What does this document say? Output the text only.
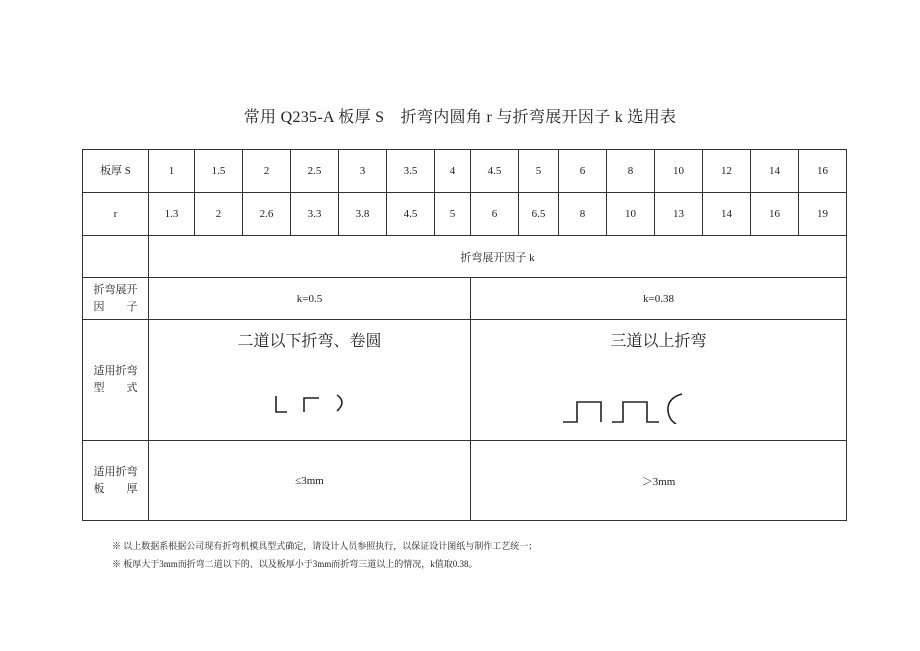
常用 Q235-A 板厚 S　折弯内圆角 r 与折弯展开因子 k 选用表
板厚 S	1	1.5	2	2.5	3	3.5	4	4.5	5	6	8	10	12	14	16
r	1.3	2	2.6	3.3	3.8	4.5	5	6	6.5	8	10	13	14	16	19
	折弯展开因子 k														
折弯展开
因　　子	k=0.5							k=0.38							
适用折弯
型　　式	二道以下折弯、卷圆							三道以上折弯							

适用折弯
板　　厚	≤3mm							＞3mm							
※ 以上数据系根据公司现有折弯机模具型式确定，请设计人员参照执行，以保证设计图纸与制作工艺统一；
※ 板厚大于3mm而折弯二道以下的、以及板厚小于3mm而折弯三道以上的情况，k值取0.38。
